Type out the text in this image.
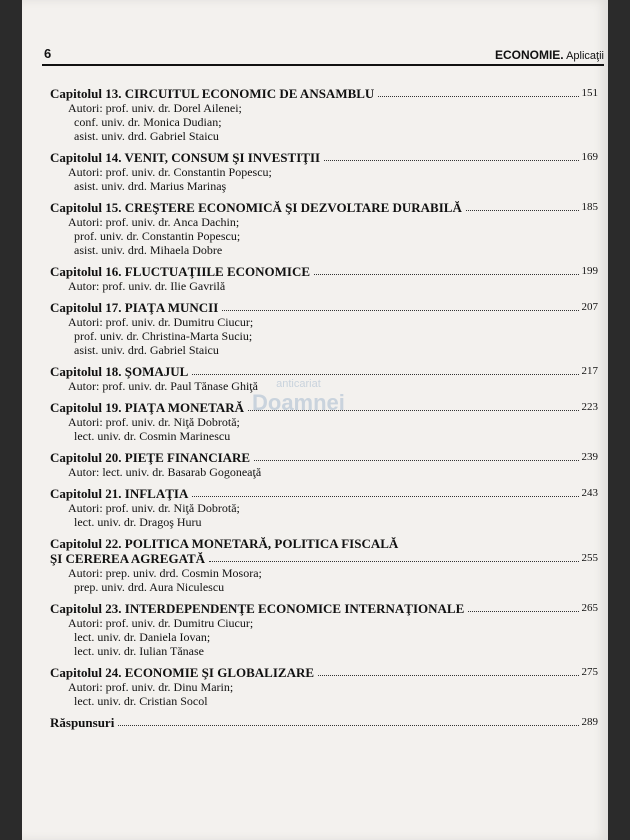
6	ECONOMIE. Aplicaţii
anticariat
Doamnei
Capitolul 13. CIRCUITUL ECONOMIC DE ANSAMBLU	151
Autori: prof. univ. dr. Dorel Ailenei;
conf. univ. dr. Monica Dudian;
asist. univ. drd. Gabriel Staicu
Capitolul 14. VENIT, CONSUM ŞI INVESTIŢII	169
Autori: prof. univ. dr. Constantin Popescu;
asist. univ. drd. Marius Marinaş
Capitolul 15. CREŞTERE ECONOMICĂ ŞI DEZVOLTARE DURABILĂ	185
Autori: prof. univ. dr. Anca Dachin;
prof. univ. dr. Constantin Popescu;
asist. univ. drd. Mihaela Dobre
Capitolul 16. FLUCTUAŢIILE ECONOMICE	199
Autor: prof. univ. dr. Ilie Gavrilă
Capitolul 17. PIAŢA MUNCII	207
Autori: prof. univ. dr. Dumitru Ciucur;
prof. univ. dr. Christina-Marta Suciu;
asist. univ. drd. Gabriel Staicu
Capitolul 18. ŞOMAJUL	217
Autor: prof. univ. dr. Paul Tănase Ghiţă
Capitolul 19. PIAŢA MONETARĂ	223
Autori: prof. univ. dr. Niţă Dobrotă;
lect. univ. dr. Cosmin Marinescu
Capitolul 20. PIEŢE FINANCIARE	239
Autor: lect. univ. dr. Basarab Gogoneaţă
Capitolul 21. INFLAŢIA	243
Autori: prof. univ. dr. Niţă Dobrotă;
lect. univ. dr. Dragoş Huru
Capitolul 22. POLITICA MONETARĂ, POLITICA FISCALĂ
ŞI CEREREA AGREGATĂ	255
Autori: prep. univ. drd. Cosmin Mosora;
prep. univ. drd. Aura Niculescu
Capitolul 23. INTERDEPENDENŢE ECONOMICE INTERNAŢIONALE	265
Autori: prof. univ. dr. Dumitru Ciucur;
lect. univ. dr. Daniela Iovan;
lect. univ. dr. Iulian Tănase
Capitolul 24. ECONOMIE ŞI GLOBALIZARE	275
Autori: prof. univ. dr. Dinu Marin;
lect. univ. dr. Cristian Socol
Răspunsuri	289
